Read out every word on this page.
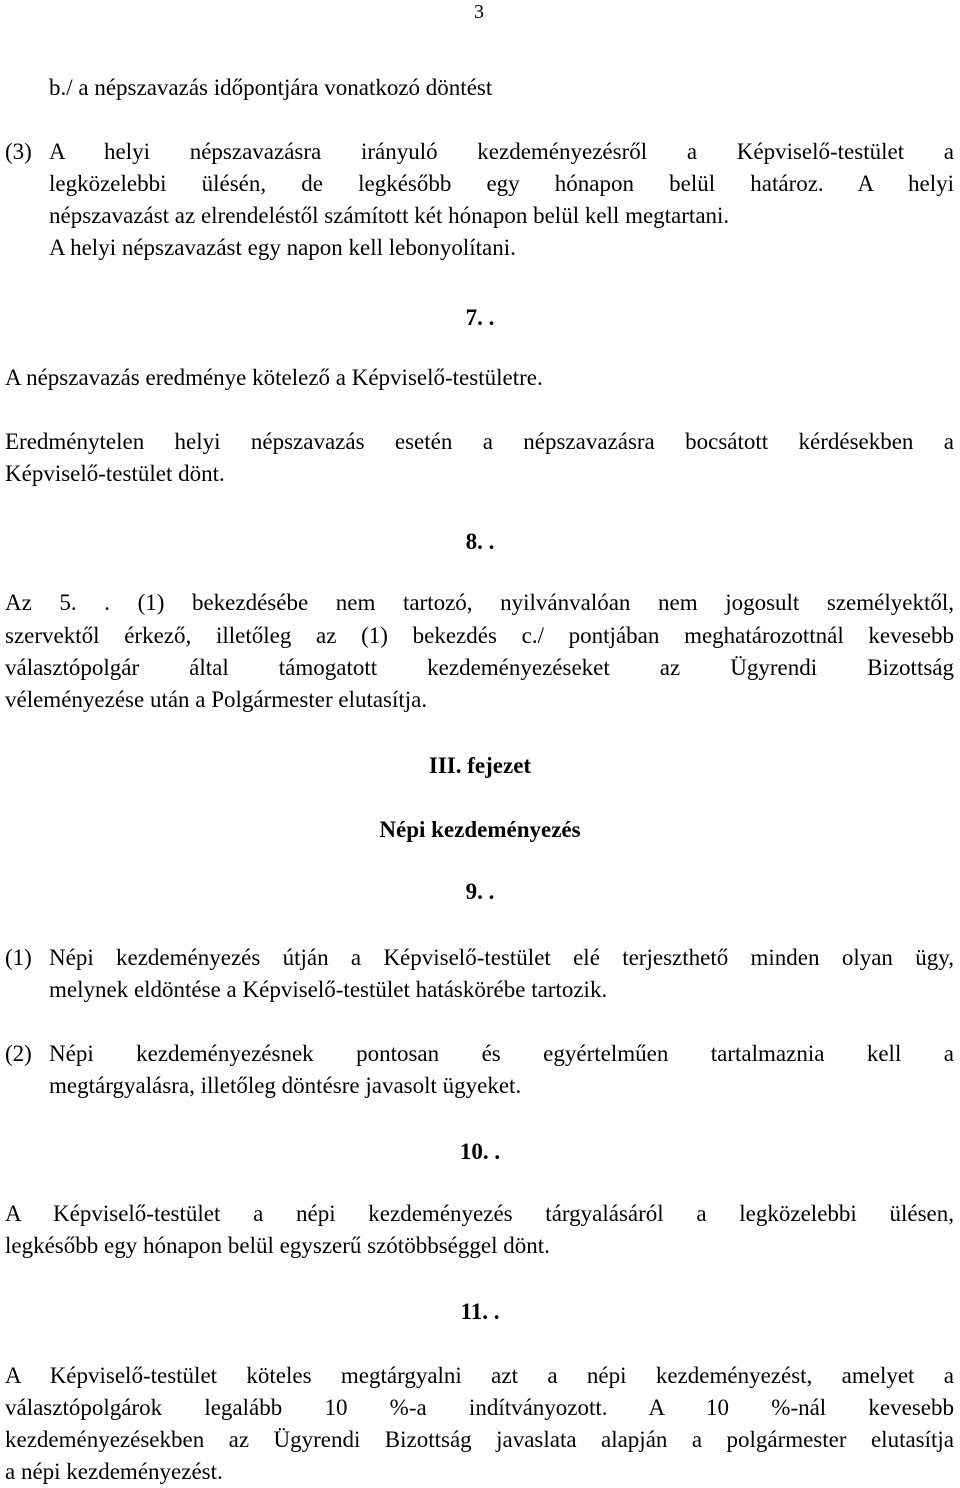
3
b./ a népszavazás időpontjára vonatkozó döntést
(3) A helyi népszavazásra irányuló kezdeményezésről a Képviselő-testület a
legközelebbi ülésén, de legkésőbb egy hónapon belül határoz. A helyi
népszavazást az elrendeléstől számított két hónapon belül kell megtartani.
A helyi népszavazást egy napon kell lebonyolítani.
7. .
A népszavazás eredménye kötelező a Képviselő-testületre.
Eredménytelen helyi népszavazás esetén a népszavazásra bocsátott kérdésekben a
Képviselő-testület dönt.
8. .
Az 5. . (1) bekezdésébe nem tartozó, nyilvánvalóan nem jogosult személyektől,
szervektől érkező, illetőleg az (1) bekezdés c./ pontjában meghatározottnál kevesebb
választópolgár által támogatott kezdeményezéseket az Ügyrendi Bizottság
véleményezése után a Polgármester elutasítja.
III. fejezet
Népi kezdeményezés
9. .
(1) Népi kezdeményezés útján a Képviselő-testület elé terjeszthető minden olyan ügy,
melynek eldöntése a Képviselő-testület hatáskörébe tartozik.
(2) Népi kezdeményezésnek pontosan és egyértelműen tartalmaznia kell a
megtárgyalásra, illetőleg döntésre javasolt ügyeket.
10. .
A Képviselő-testület a népi kezdeményezés tárgyalásáról a legközelebbi ülésen,
legkésőbb egy hónapon belül egyszerű szótöbbséggel dönt.
11. .
A Képviselő-testület köteles megtárgyalni azt a népi kezdeményezést, amelyet a
választópolgárok legalább 10 %-a indítványozott. A 10 %-nál kevesebb
kezdeményezésekben az Ügyrendi Bizottság javaslata alapján a polgármester elutasítja
a népi kezdeményezést.
